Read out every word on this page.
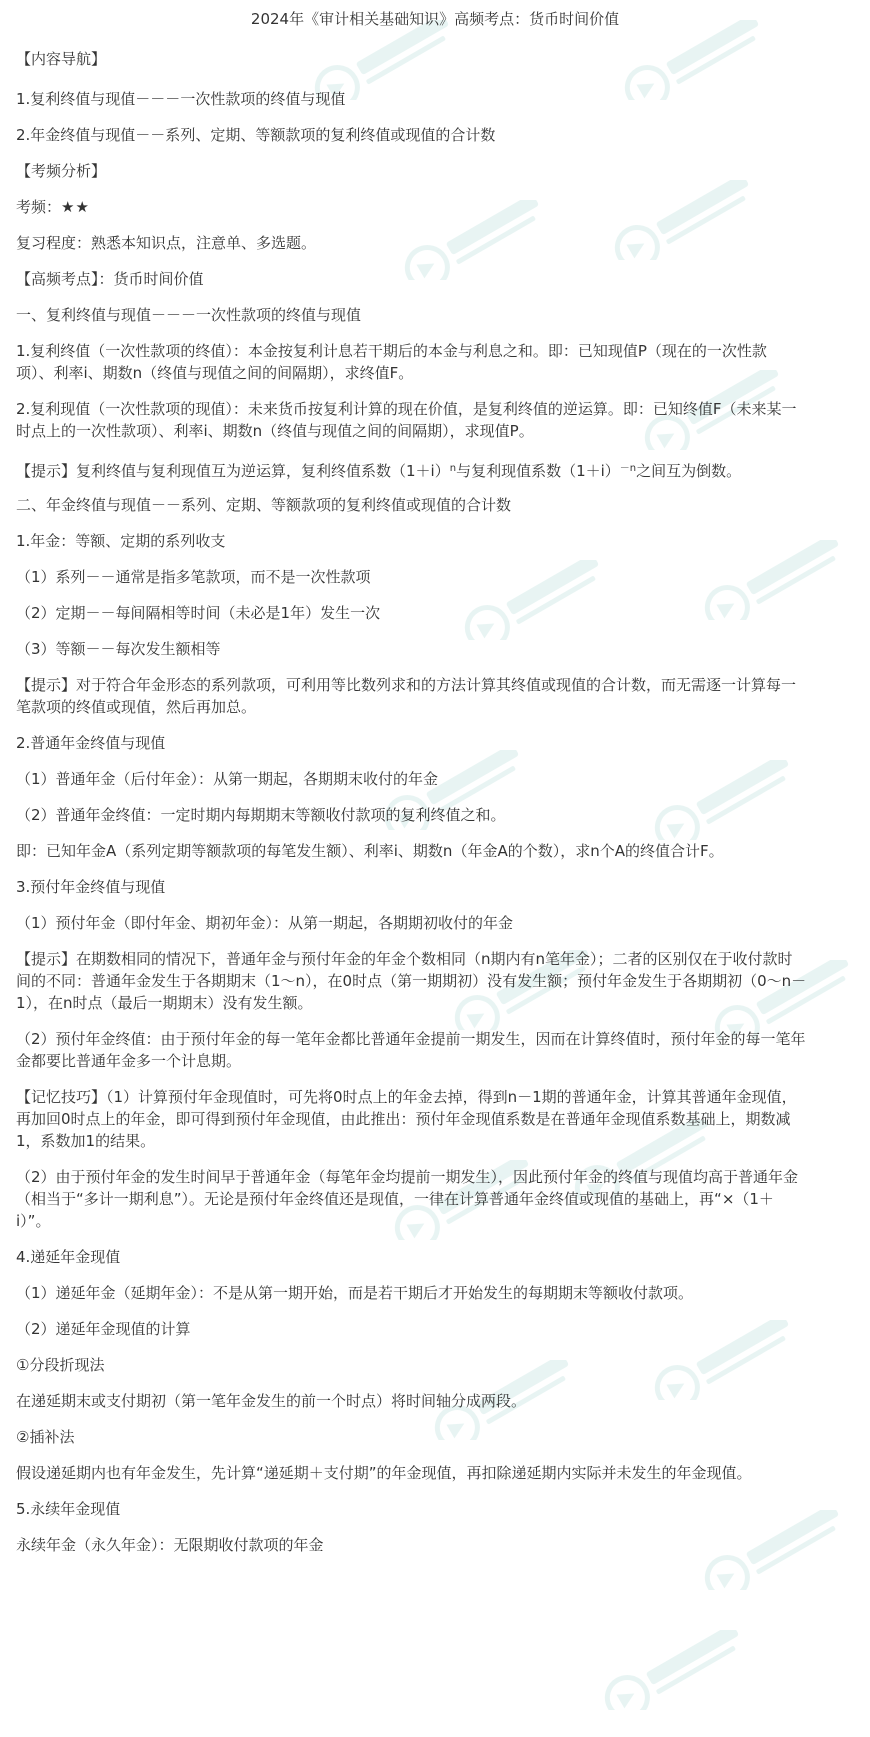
2024年《审计相关基础知识》高频考点：货币时间价值
【内容导航】
1.复利终值与现值－－－一次性款项的终值与现值
2.年金终值与现值－－系列、定期、等额款项的复利终值或现值的合计数
【考频分析】
考频：★★
复习程度：熟悉本知识点，注意单、多选题。
【高频考点】：货币时间价值
一、复利终值与现值－－－一次性款项的终值与现值
1.复利终值（一次性款项的终值）：本金按复利计息若干期后的本金与利息之和。即：已知现值P（现在的一次性款
项）、利率i、期数n（终值与现值之间的间隔期），求终值F。
2.复利现值（一次性款项的现值）：未来货币按复利计算的现在价值，是复利终值的逆运算。即：已知终值F（未来某一
时点上的一次性款项）、利率i、期数n（终值与现值之间的间隔期），求现值P。
【提示】复利终值与复利现值互为逆运算，复利终值系数$(1+i)^n$与复利现值系数$(1+i)^{-n}$之间互为倒数。
二、年金终值与现值－－系列、定期、等额款项的复利终值或现值的合计数
1.年金：等额、定期的系列收支
（1）系列－－通常是指多笔款项，而不是一次性款项
（2）定期－－每间隔相等时间（未必是1年）发生一次
（3）等额－－每次发生额相等
【提示】对于符合年金形态的系列款项，可利用等比数列求和的方法计算其终值或现值的合计数，而无需逐一计算每一
笔款项的终值或现值，然后再加总。
2.普通年金终值与现值
（1）普通年金（后付年金）：从第一期起，各期期末收付的年金
（2）普通年金终值：一定时期内每期期末等额收付款项的复利终值之和。
即：已知年金A（系列定期等额款项的每笔发生额）、利率i、期数n（年金A的个数），求n个A的终值合计F。
3.预付年金终值与现值
（1）预付年金（即付年金、期初年金）：从第一期起，各期期初收付的年金
【提示】在期数相同的情况下，普通年金与预付年金的年金个数相同（n期内有n笔年金）；二者的区别仅在于收付款时
间的不同：普通年金发生于各期期末（1～n），在0时点（第一期期初）没有发生额；预付年金发生于各期期初（0～n－
1），在n时点（最后一期期末）没有发生额。
（2）预付年金终值：由于预付年金的每一笔年金都比普通年金提前一期发生，因而在计算终值时，预付年金的每一笔年
金都要比普通年金多一个计息期。
【记忆技巧】（1）计算预付年金现值时，可先将0时点上的年金去掉，得到n－1期的普通年金，计算其普通年金现值，
再加回0时点上的年金，即可得到预付年金现值，由此推出：预付年金现值系数是在普通年金现值系数基础上，期数减
1，系数加1的结果。
（2）由于预付年金的发生时间早于普通年金（每笔年金均提前一期发生），因此预付年金的终值与现值均高于普通年金
（相当于“多计一期利息”）。无论是预付年金终值还是现值，一律在计算普通年金终值或现值的基础上，再“×（1＋
i）”。
4.递延年金现值
（1）递延年金（延期年金）：不是从第一期开始，而是若干期后才开始发生的每期期末等额收付款项。
（2）递延年金现值的计算
①分段折现法
在递延期末或支付期初（第一笔年金发生的前一个时点）将时间轴分成两段。
②插补法
假设递延期内也有年金发生，先计算“递延期＋支付期”的年金现值，再扣除递延期内实际并未发生的年金现值。
5.永续年金现值
永续年金（永久年金）：无限期收付款项的年金
